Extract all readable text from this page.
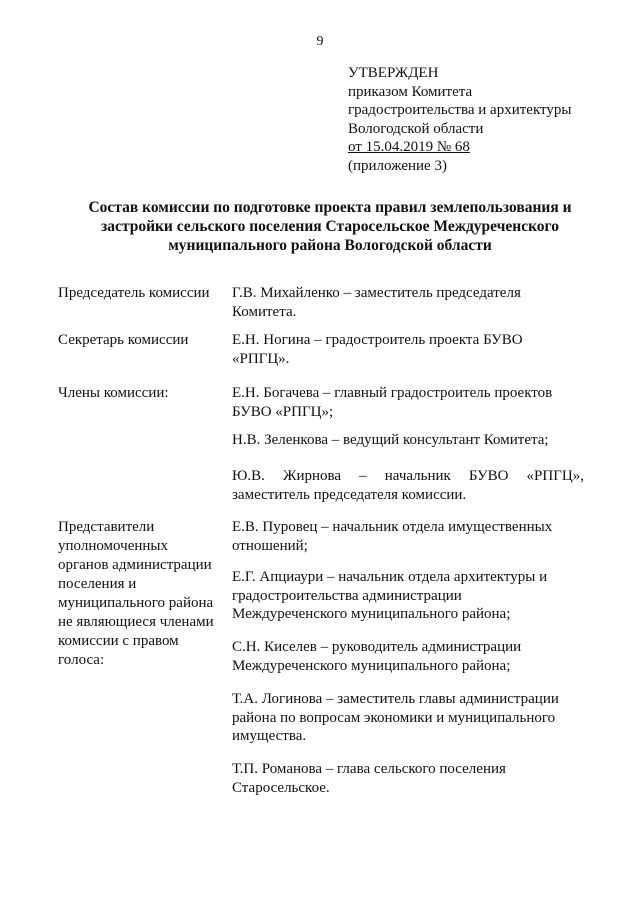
9
УТВЕРЖДЕН
приказом Комитета
градостроительства и архитектуры
Вологодской области
от 15.04.2019 № 68
(приложение 3)
Состав комиссии по подготовке проекта правил землепользования и
застройки сельского поселения Старосельское Междуреченского
муниципального района Вологодской области
Председатель комиссии
Секретарь комиссии
Члены комиссии:
Представители
уполномоченных
органов администрации
поселения и
муниципального района
не являющиеся членами
комиссии с правом
голоса:
Г.В. Михайленко – заместитель председателя
Комитета.
Е.Н. Ногина – градостроитель проекта БУВО
«РПГЦ».
Е.Н. Богачева – главный градостроитель проектов
БУВО «РПГЦ»;
Н.В. Зеленкова – ведущий консультант Комитета;
Ю.В. Жирнова – начальник БУВО «РПГЦ»,
заместитель председателя комиссии.
Е.В. Пуровец – начальник отдела имущественных
отношений;
Е.Г. Апциаури – начальник отдела архитектуры и
градостроительства администрации
Междуреченского муниципального района;
С.Н. Киселев – руководитель администрации
Междуреченского муниципального района;
Т.А. Логинова – заместитель главы администрации
района по вопросам экономики и муниципального
имущества.
Т.П. Романова – глава сельского поселения
Старосельское.
